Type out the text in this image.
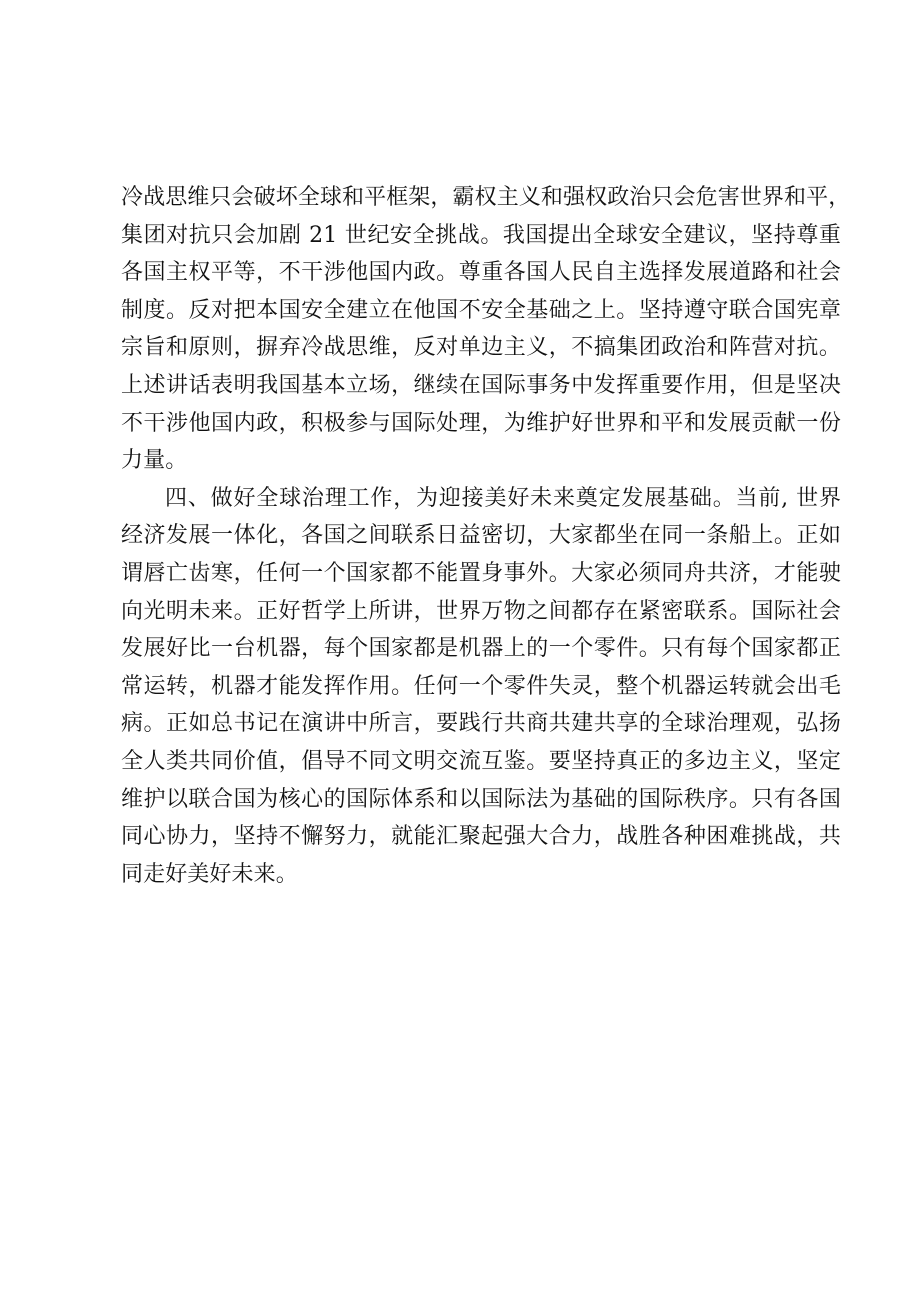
冷战思维只会破坏全球和平框架，霸权主义和强权政治只会危害世界和平，
集团对抗只会加剧 21 世纪安全挑战。我国提出全球安全建议，坚持尊重
各国主权平等，不干涉他国内政。尊重各国人民自主选择发展道路和社会
制度。反对把本国安全建立在他国不安全基础之上。坚持遵守联合国宪章
宗旨和原则，摒弃冷战思维，反对单边主义，不搞集团政治和阵营对抗。
上述讲话表明我国基本立场，继续在国际事务中发挥重要作用，但是坚决
不干涉他国内政，积极参与国际处理，为维护好世界和平和发展贡献一份
力量。
四、做好全球治理工作，为迎接美好未来奠定发展基础。当前, 世界
经济发展一体化，各国之间联系日益密切，大家都坐在同一条船上。正如
谓唇亡齿寒，任何一个国家都不能置身事外。大家必须同舟共济，才能驶
向光明未来。正好哲学上所讲，世界万物之间都存在紧密联系。国际社会
发展好比一台机器，每个国家都是机器上的一个零件。只有每个国家都正
常运转，机器才能发挥作用。任何一个零件失灵，整个机器运转就会出毛
病。正如总书记在演讲中所言，要践行共商共建共享的全球治理观，弘扬
全人类共同价值，倡导不同文明交流互鉴。要坚持真正的多边主义，坚定
维护以联合国为核心的国际体系和以国际法为基础的国际秩序。只有各国
同心协力，坚持不懈努力，就能汇聚起强大合力，战胜各种困难挑战，共
同走好美好未来。
